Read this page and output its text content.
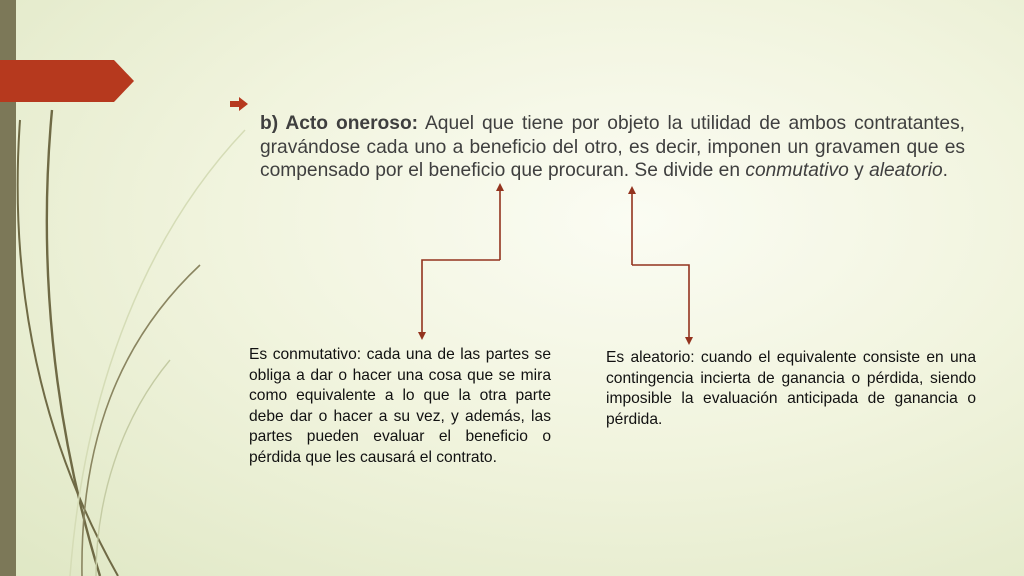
b) Acto oneroso: Aquel que tiene por objeto la utilidad de ambos contratantes, gravándose cada uno a beneficio del otro, es decir, imponen un gravamen que es compensado por el beneficio que procuran. Se divide en conmutativo y aleatorio.

Es conmutativo: cada una de las partes se obliga a dar o hacer una cosa que se mira como equivalente a lo que la otra parte debe dar o hacer a su vez, y además, las partes pueden evaluar el beneficio o pérdida que les causará el contrato.
Es aleatorio: cuando el equivalente consiste en una contingencia incierta de ganancia o pérdida, siendo imposible la evaluación anticipada de ganancia o pérdida.
